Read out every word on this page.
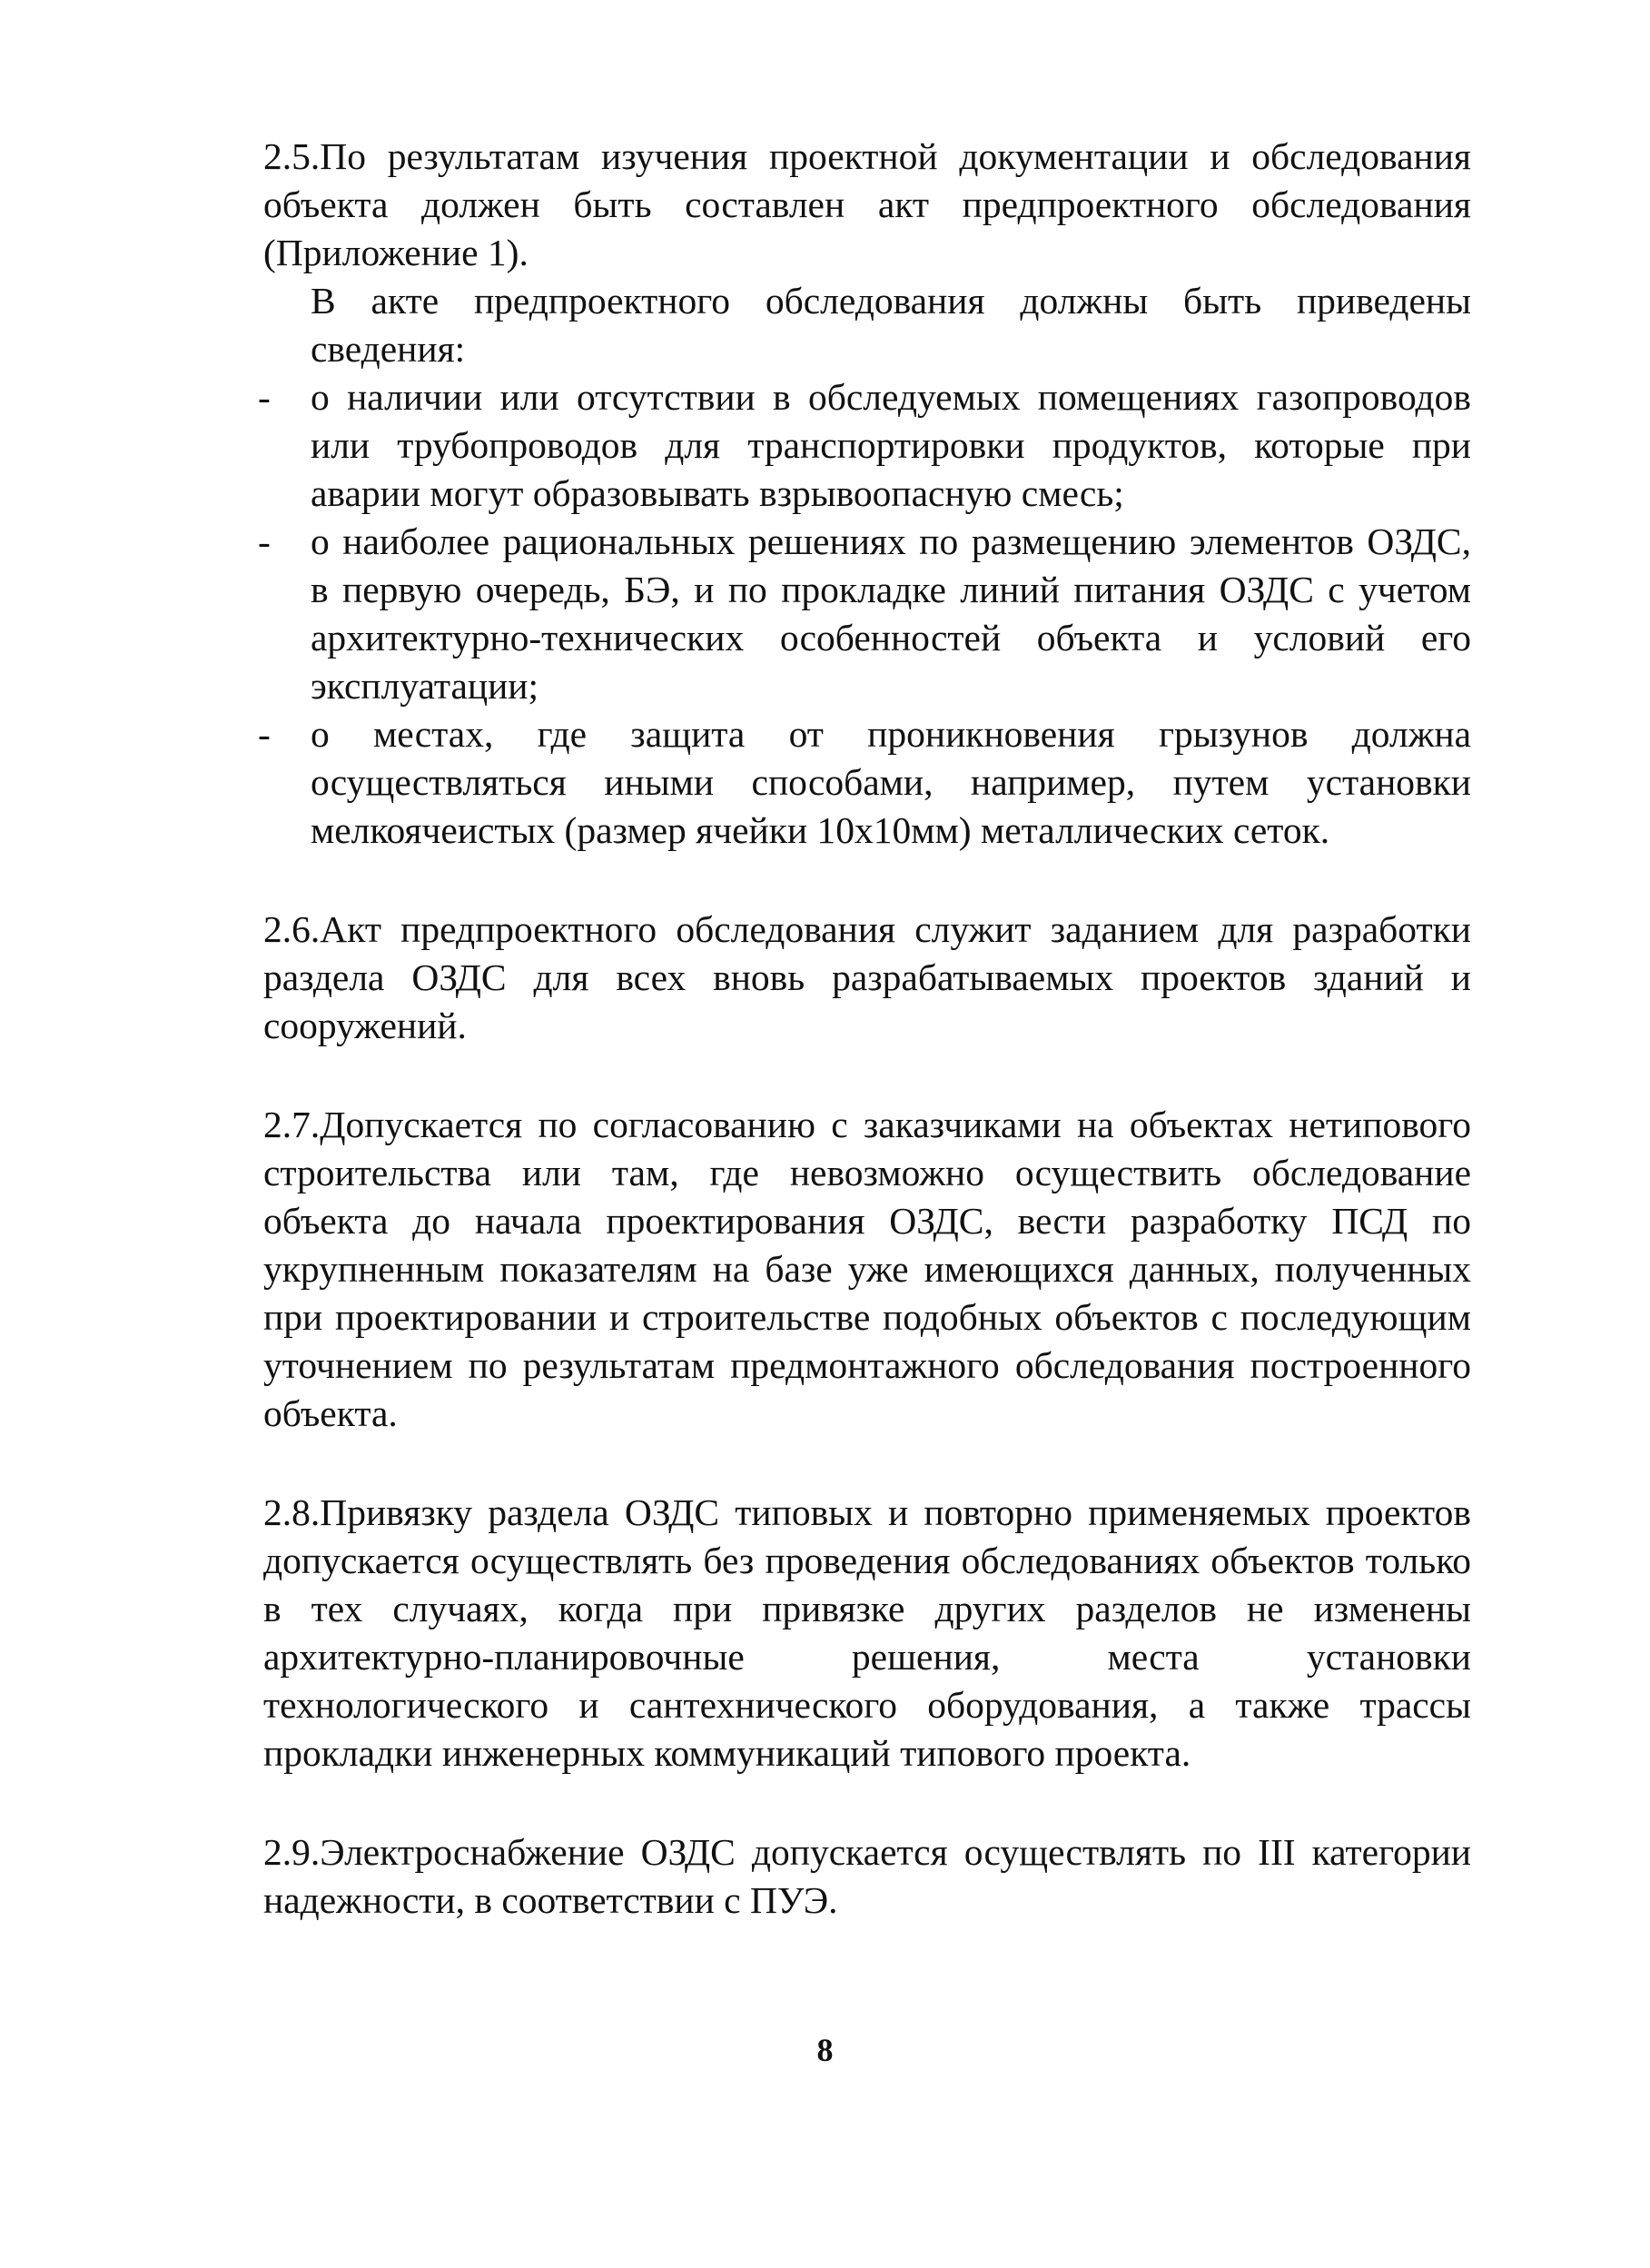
2.5.По результатам изучения проектной документации и обследования объекта должен быть составлен акт предпроектного обследования (Приложение 1).

В акте предпроектного обследования должны быть приведены сведения:

- о наличии или отсутствии в обследуемых помещениях газопроводов или трубопроводов для транспортировки продуктов, которые при аварии могут образовывать взрывоопасную смесь;
- о наиболее рациональных решениях по размещению элементов ОЗДС, в первую очередь, БЭ, и по прокладке линий питания ОЗДС с учетом архитектурно-технических особенностей объекта и условий его эксплуатации;
- о местах, где защита от проникновения грызунов должна осуществляться иными способами, например, путем установки мелкоячеистых (размер ячейки 10х10мм) металлических сеток.

2.6.Акт предпроектного обследования служит заданием для разработки раздела ОЗДС для всех вновь разрабатываемых проектов зданий и сооружений.

2.7.Допускается по согласованию с заказчиками на объектах нетипового строительства или там, где невозможно осуществить обследование объекта до начала проектирования ОЗДС, вести разработку ПСД по укрупненным показателям на базе уже имеющихся данных, полученных при проектировании и строительстве подобных объектов с последующим уточнением по результатам предмонтажного обследования построенного объекта.

2.8.Привязку раздела ОЗДС типовых и повторно применяемых проектов допускается осуществлять без проведения обследованиях объектов только в тех случаях, когда при привязке других разделов не изменены архитектурно-планировочные решения, места установки технологического и сантехнического оборудования, а также трассы прокладки инженерных коммуникаций типового проекта.

2.9.Электроснабжение ОЗДС допускается осуществлять по III категории надежности, в соответствии с ПУЭ.

8
